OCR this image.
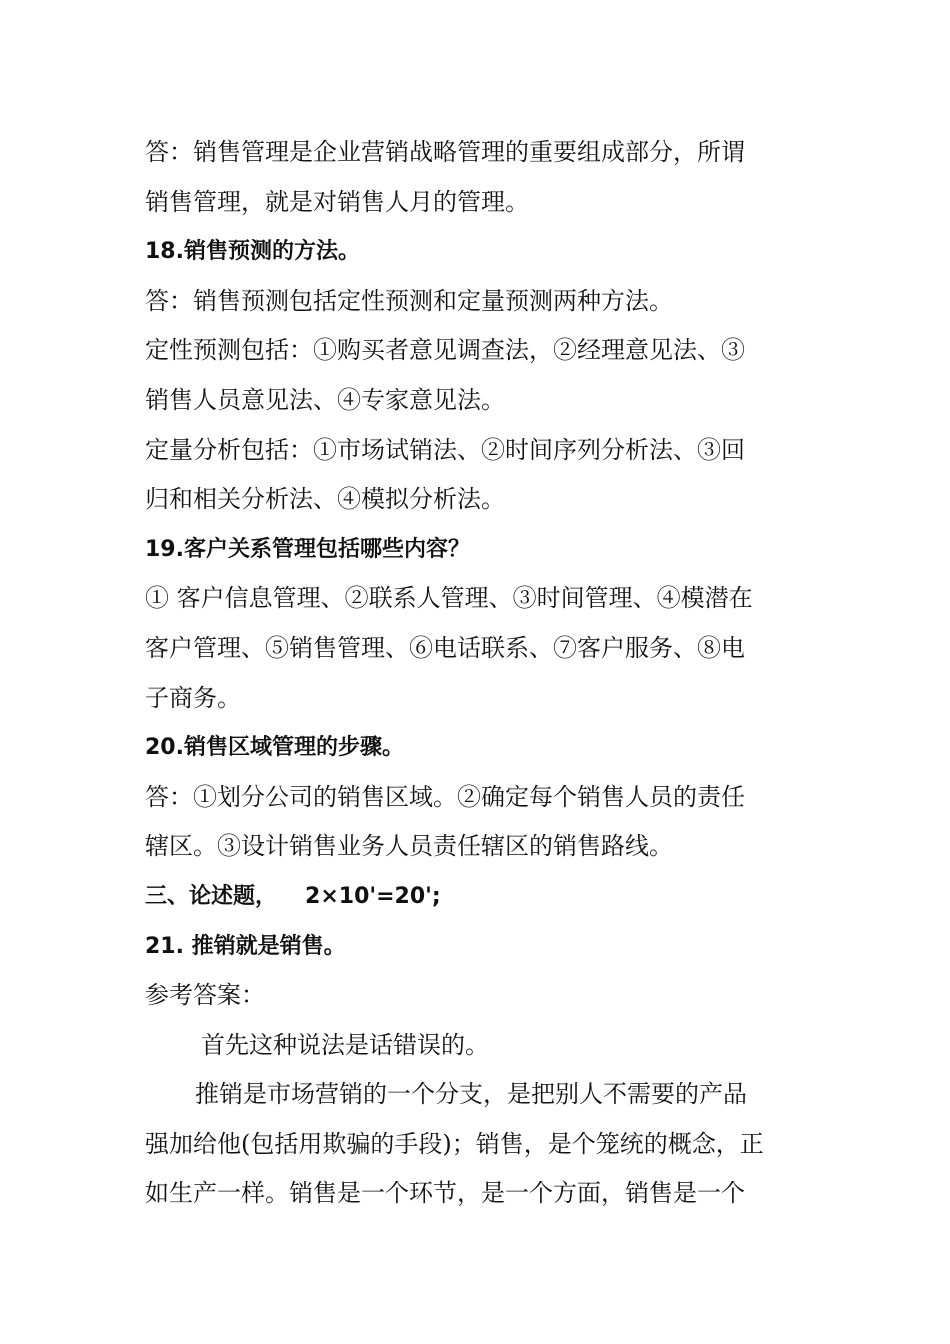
答：销售管理是企业营销战略管理的重要组成部分，所谓
销售管理，就是对销售人月的管理。
18.销售预测的方法。
答：销售预测包括定性预测和定量预测两种方法。
定性预测包括：①购买者意见调查法，②经理意见法、③
销售人员意见法、④专家意见法。
定量分析包括：①市场试销法、②时间序列分析法、③回
归和相关分析法、④模拟分析法。
19.客户关系管理包括哪些内容？
① 客户信息管理、②联系人管理、③时间管理、④模潜在
客户管理、⑤销售管理、⑥电话联系、⑦客户服务、⑧电
子商务。
20.销售区域管理的步骤。
答：①划分公司的销售区域。②确定每个销售人员的责任
辖区。③设计销售业务人员责任辖区的销售路线。
三、论述题， 2×10'=20';
21. 推销就是销售。
参考答案：
首先这种说法是话错误的。
推销是市场营销的一个分支，是把别人不需要的产品
强加给他(包括用欺骗的手段)；销售，是个笼统的概念，正
如生产一样。销售是一个环节，是一个方面，销售是一个
